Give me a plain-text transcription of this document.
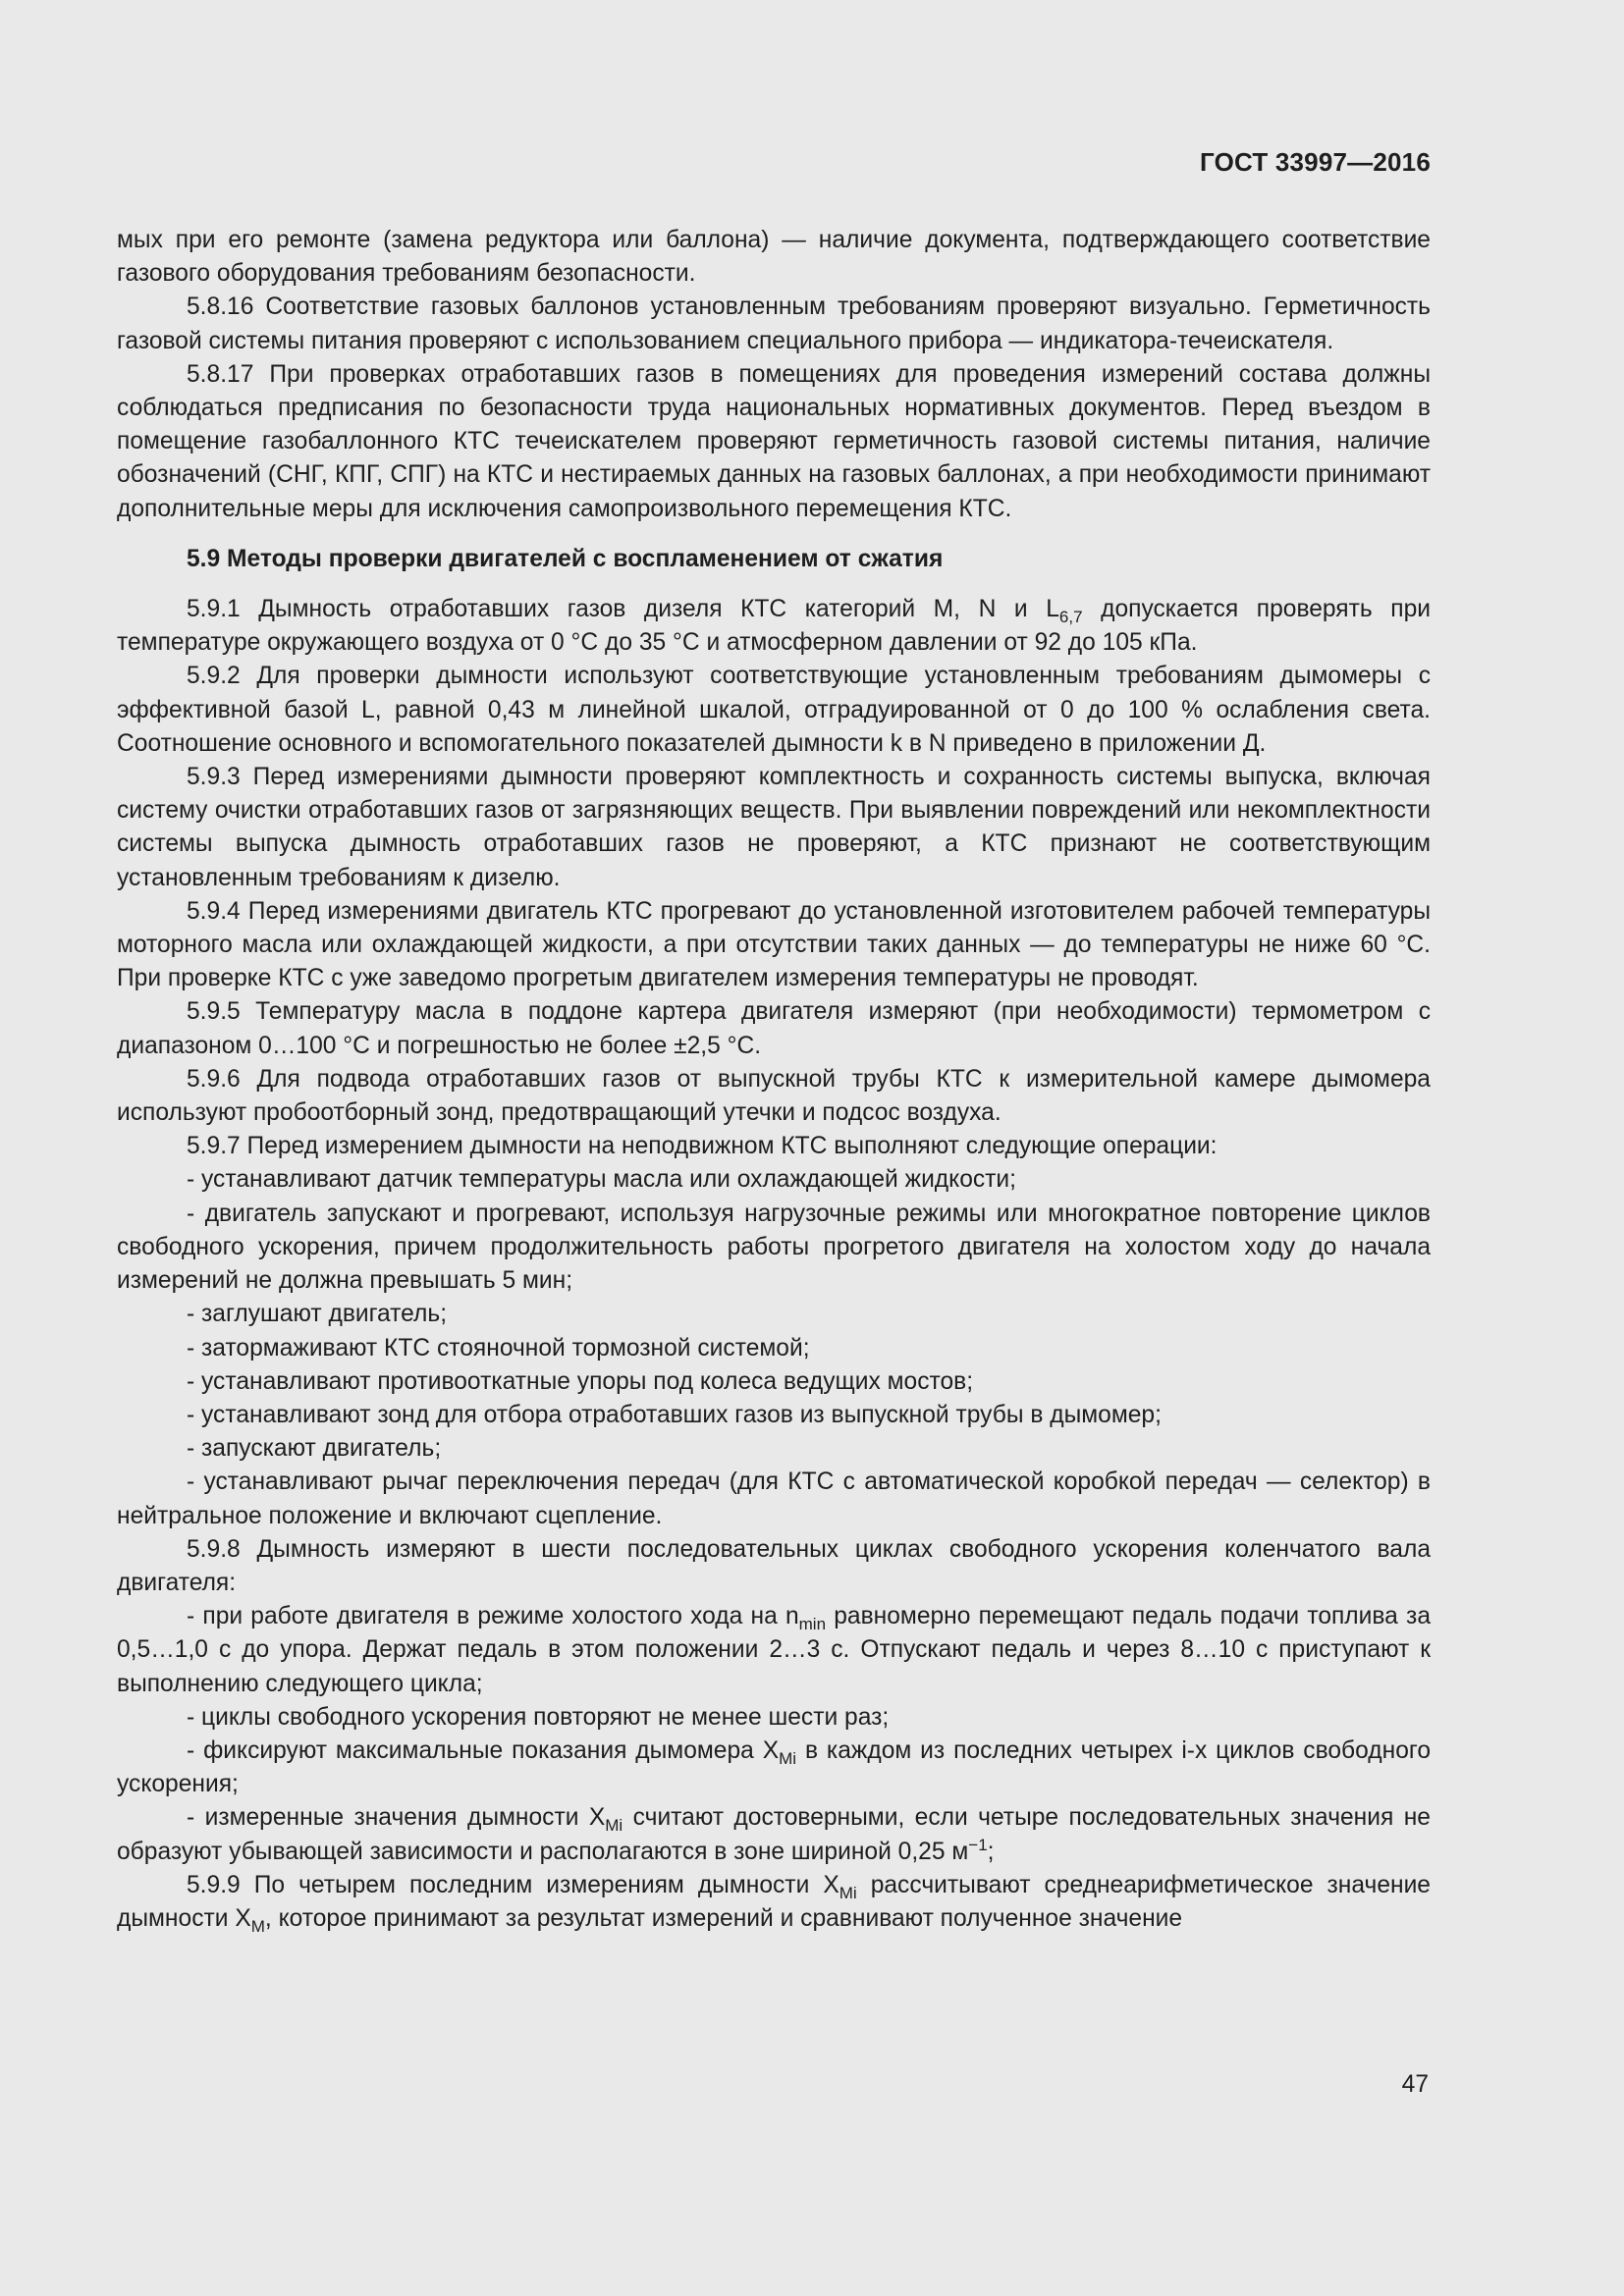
ГОСТ 33997—2016

мых при его ремонте (замена редуктора или баллона) — наличие документа, подтверждающего соответствие газового оборудования требованиям безопасности.

5.8.16 Соответствие газовых баллонов установленным требованиям проверяют визуально. Герметичность газовой системы питания проверяют с использованием специального прибора — индикатора-течеискателя.

5.8.17 При проверках отработавших газов в помещениях для проведения измерений состава должны соблюдаться предписания по безопасности труда национальных нормативных документов. Перед въездом в помещение газобаллонного КТС течеискателем проверяют герметичность газовой системы питания, наличие обозначений (СНГ, КПГ, СПГ) на КТС и нестираемых данных на газовых баллонах, а при необходимости принимают дополнительные меры для исключения самопроизвольного перемещения КТС.

5.9 Методы проверки двигателей с воспламенением от сжатия

5.9.1 Дымность отработавших газов дизеля КТС категорий M, N и $L_{6,7}$ допускается проверять при температуре окружающего воздуха от 0 °С до 35 °С и атмосферном давлении от 92 до 105 кПа.

5.9.2 Для проверки дымности используют соответствующие установленным требованиям дымомеры с эффективной базой L, равной 0,43 м линейной шкалой, отградуированной от 0 до 100 % ослабления света. Соотношение основного и вспомогательного показателей дымности k в N приведено в приложении Д.

5.9.3 Перед измерениями дымности проверяют комплектность и сохранность системы выпуска, включая систему очистки отработавших газов от загрязняющих веществ. При выявлении повреждений или некомплектности системы выпуска дымность отработавших газов не проверяют, а КТС признают не соответствующим установленным требованиям к дизелю.

5.9.4 Перед измерениями двигатель КТС прогревают до установленной изготовителем рабочей температуры моторного масла или охлаждающей жидкости, а при отсутствии таких данных — до температуры не ниже 60 °С. При проверке КТС с уже заведомо прогретым двигателем измерения температуры не проводят.

5.9.5 Температуру масла в поддоне картера двигателя измеряют (при необходимости) термометром с диапазоном 0…100 °С и погрешностью не более ±2,5 °С.

5.9.6 Для подвода отработавших газов от выпускной трубы КТС к измерительной камере дымомера используют пробоотборный зонд, предотвращающий утечки и подсос воздуха.

5.9.7 Перед измерением дымности на неподвижном КТС выполняют следующие операции:

- устанавливают датчик температуры масла или охлаждающей жидкости;

- двигатель запускают и прогревают, используя нагрузочные режимы или многократное повторение циклов свободного ускорения, причем продолжительность работы прогретого двигателя на холостом ходу до начала измерений не должна превышать 5 мин;

- заглушают двигатель;

- затормаживают КТС стояночной тормозной системой;

- устанавливают противооткатные упоры под колеса ведущих мостов;

- устанавливают зонд для отбора отработавших газов из выпускной трубы в дымомер;

- запускают двигатель;

- устанавливают рычаг переключения передач (для КТС с автоматической коробкой передач — селектор) в нейтральное положение и включают сцепление.

5.9.8 Дымность измеряют в шести последовательных циклах свободного ускорения коленчатого вала двигателя:

- при работе двигателя в режиме холостого хода на $n_{min}$ равномерно перемещают педаль подачи топлива за 0,5…1,0 с до упора. Держат педаль в этом положении 2…3 с. Отпускают педаль и через 8…10 с приступают к выполнению следующего цикла;

- циклы свободного ускорения повторяют не менее шести раз;

- фиксируют максимальные показания дымомера $X_{Mi}$ в каждом из последних четырех i-х циклов свободного ускорения;

- измеренные значения дымности $X_{Mi}$ считают достоверными, если четыре последовательных значения не образуют убывающей зависимости и располагаются в зоне шириной 0,25 $м^{-1}$;

5.9.9 По четырем последним измерениям дымности $X_{Mi}$ рассчитывают среднеарифметическое значение дымности $X_M$, которое принимают за результат измерений и сравнивают полученное значение

47
